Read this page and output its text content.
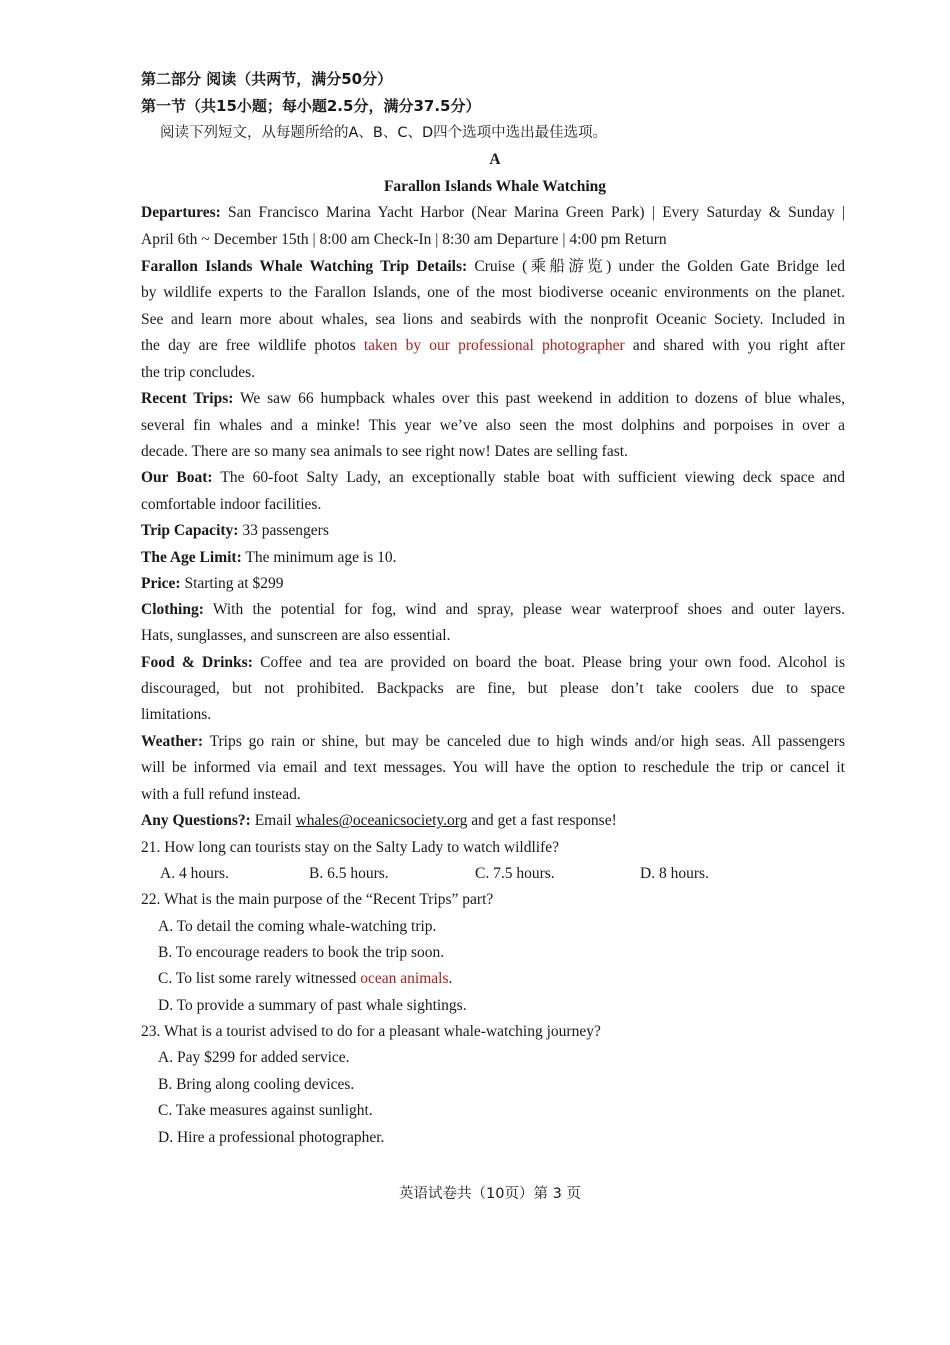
第二部分 阅读（共两节，满分50分）
第一节（共15小题；每小题2.5分，满分37.5分）
阅读下列短文，从每题所给的A、B、C、D四个选项中选出最佳选项。
A
Farallon Islands Whale Watching
Departures: San Francisco Marina Yacht Harbor (Near Marina Green Park) | Every Saturday & Sunday |
April 6th ~ December 15th | 8:00 am Check-In | 8:30 am Departure | 4:00 pm Return
Farallon Islands Whale Watching Trip Details: Cruise (乘船游览) under the Golden Gate Bridge led
by wildlife experts to the Farallon Islands, one of the most biodiverse oceanic environments on the planet.
See and learn more about whales, sea lions and seabirds with the nonprofit Oceanic Society. Included in
the day are free wildlife photos taken by our professional photographer and shared with you right after
the trip concludes.
Recent Trips: We saw 66 humpback whales over this past weekend in addition to dozens of blue whales,
several fin whales and a minke! This year we’ve also seen the most dolphins and porpoises in over a
decade. There are so many sea animals to see right now! Dates are selling fast.
Our Boat: The 60-foot Salty Lady, an exceptionally stable boat with sufficient viewing deck space and
comfortable indoor facilities.
Trip Capacity: 33 passengers
The Age Limit: The minimum age is 10.
Price: Starting at $299
Clothing: With the potential for fog, wind and spray, please wear waterproof shoes and outer layers.
Hats, sunglasses, and sunscreen are also essential.
Food & Drinks: Coffee and tea are provided on board the boat. Please bring your own food. Alcohol is
discouraged, but not prohibited. Backpacks are fine, but please don’t take coolers due to space
limitations.
Weather: Trips go rain or shine, but may be canceled due to high winds and/or high seas. All passengers
will be informed via email and text messages. You will have the option to reschedule the trip or cancel it
with a full refund instead.
Any Questions?: Email whales@oceanicsociety.org and get a fast response!
21. How long can tourists stay on the Salty Lady to watch wildlife?
A. 4 hours.	B. 6.5 hours.	C. 7.5 hours.	D. 8 hours.
22. What is the main purpose of the “Recent Trips” part?
A. To detail the coming whale-watching trip.
B. To encourage readers to book the trip soon.
C. To list some rarely witnessed ocean animals.
D. To provide a summary of past whale sightings.
23. What is a tourist advised to do for a pleasant whale-watching journey?
A. Pay $299 for added service.
B. Bring along cooling devices.
C. Take measures against sunlight.
D. Hire a professional photographer.
英语试卷共（10页）第 3 页
